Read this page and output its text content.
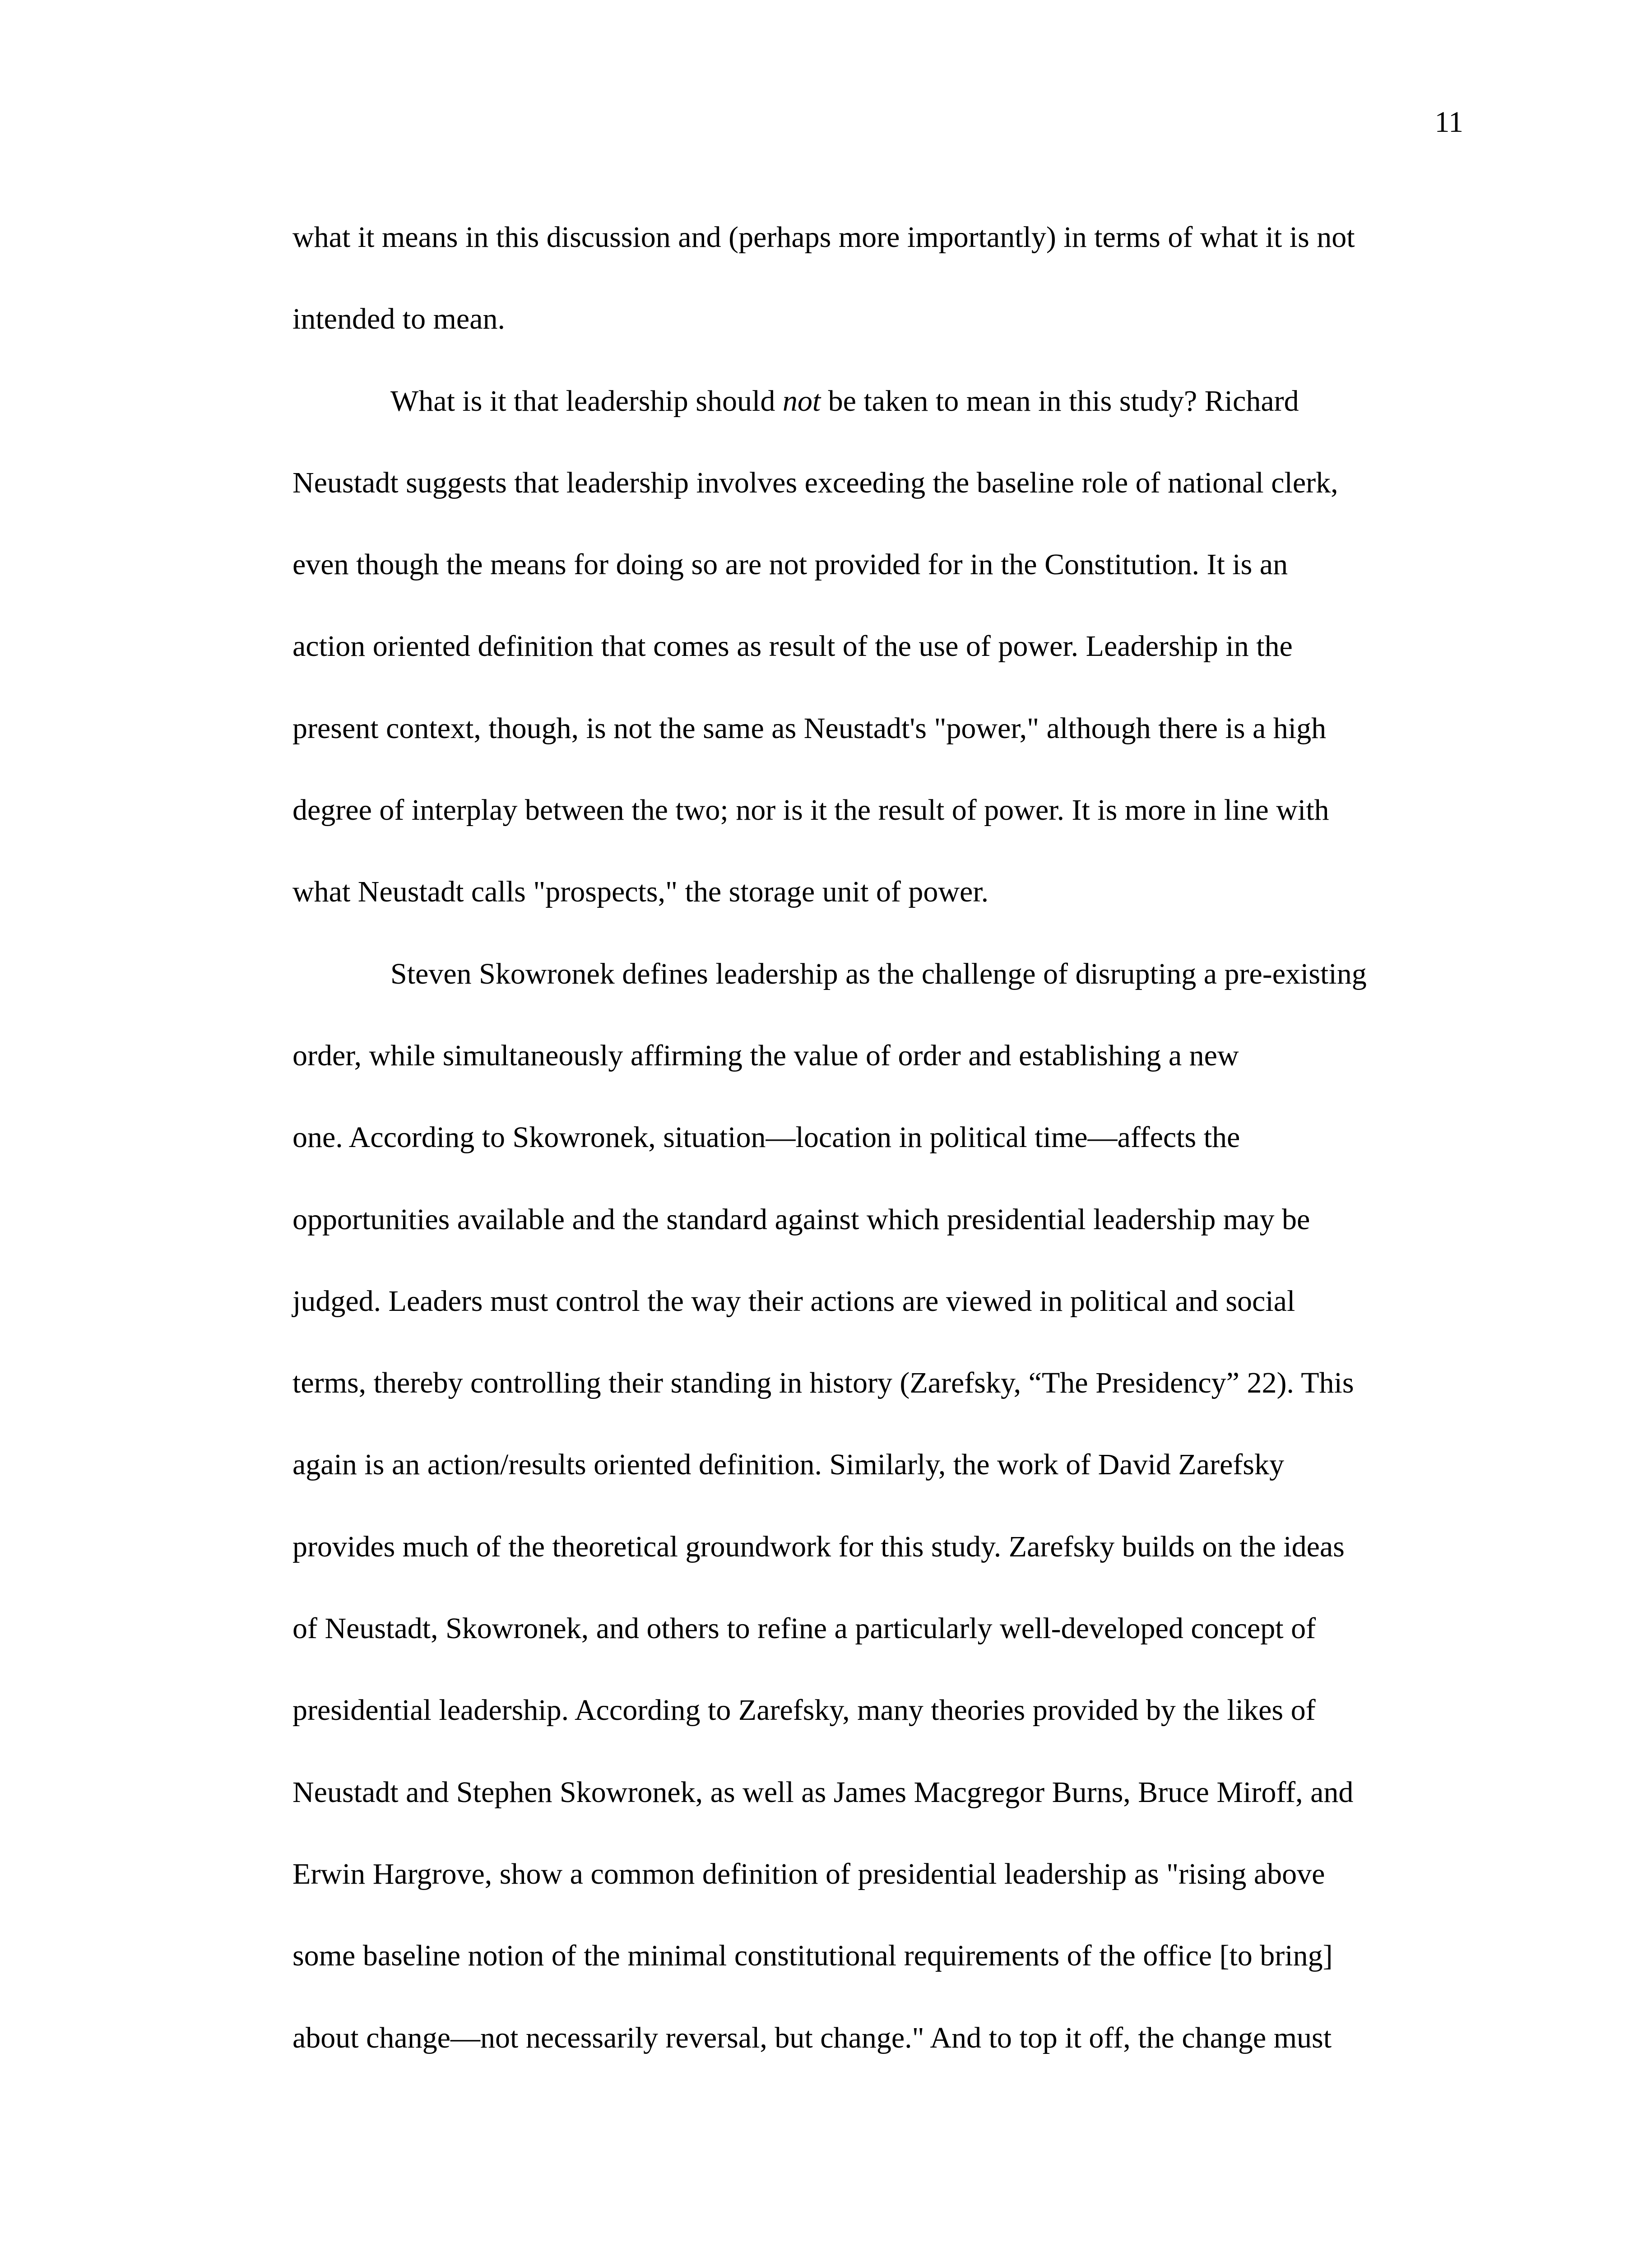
11
what it means in this discussion and (perhaps more importantly) in terms of what it is not
intended to mean.
What is it that leadership should not be taken to mean in this study? Richard
Neustadt suggests that leadership involves exceeding the baseline role of national clerk,
even though the means for doing so are not provided for in the Constitution. It is an
action oriented definition that comes as result of the use of power. Leadership in the
present context, though, is not the same as Neustadt's "power," although there is a high
degree of interplay between the two; nor is it the result of power. It is more in line with
what Neustadt calls "prospects," the storage unit of power.
Steven Skowronek defines leadership as the challenge of disrupting a pre-existing
order, while simultaneously affirming the value of order and establishing a new
one. According to Skowronek, situation—location in political time—affects the
opportunities available and the standard against which presidential leadership may be
judged. Leaders must control the way their actions are viewed in political and social
terms, thereby controlling their standing in history (Zarefsky, “The Presidency” 22). This
again is an action/results oriented definition. Similarly, the work of David Zarefsky
provides much of the theoretical groundwork for this study. Zarefsky builds on the ideas
of Neustadt, Skowronek, and others to refine a particularly well-developed concept of
presidential leadership. According to Zarefsky, many theories provided by the likes of
Neustadt and Stephen Skowronek, as well as James Macgregor Burns, Bruce Miroff, and
Erwin Hargrove, show a common definition of presidential leadership as "rising above
some baseline notion of the minimal constitutional requirements of the office [to bring]
about change—not necessarily reversal, but change." And to top it off, the change must
